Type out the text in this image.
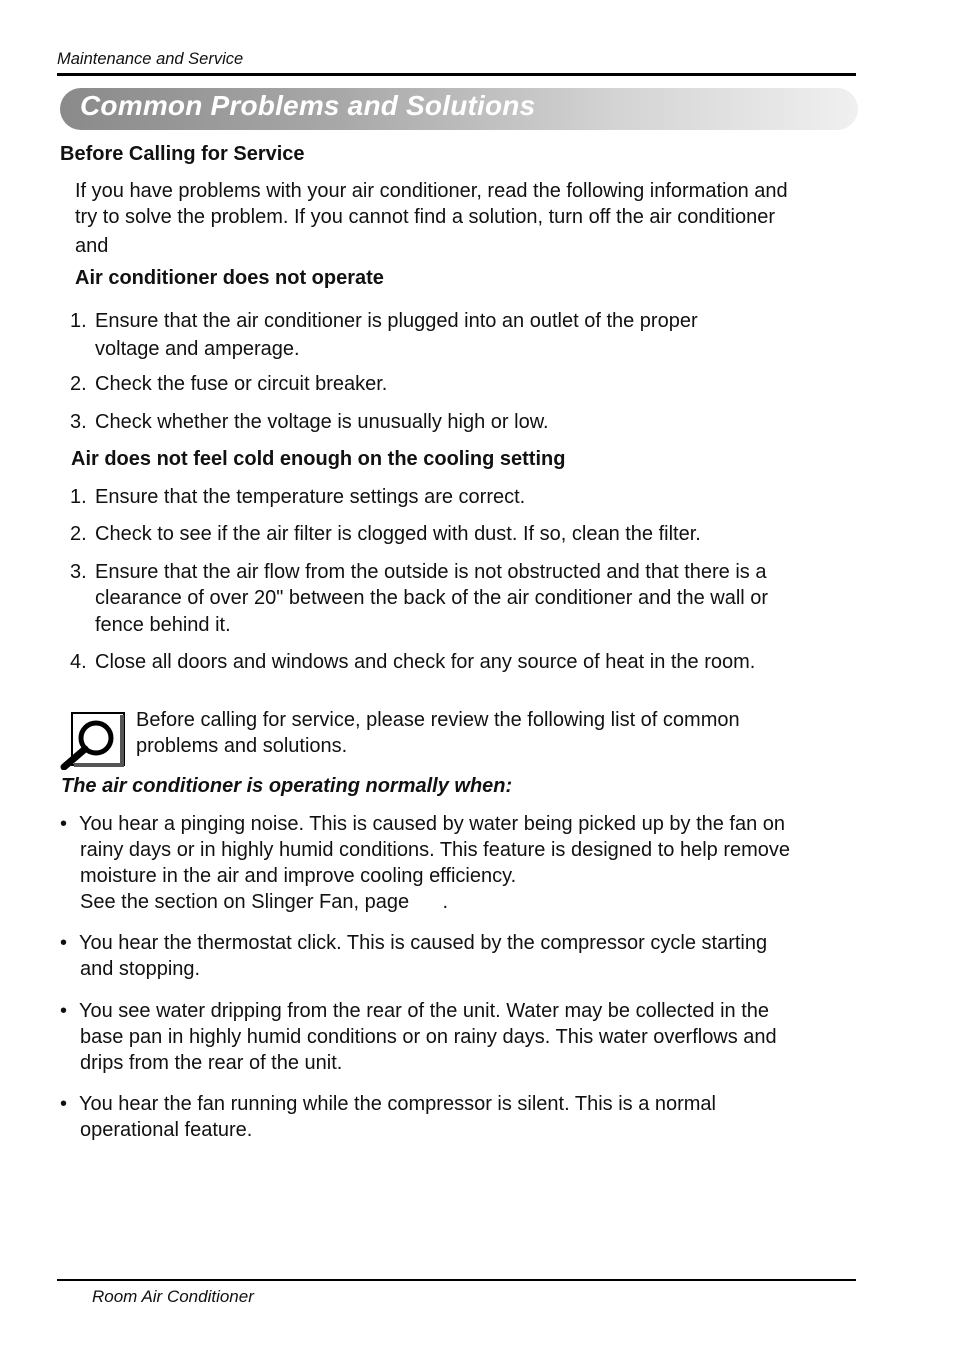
Maintenance and Service
Common Problems and Solutions
Before Calling for Service
If you have problems with your air conditioner, read the following information and
try to solve the problem. If you cannot find a solution, turn off the air conditioner
and
Air conditioner does not operate
1. Ensure that the air conditioner is plugged into an outlet of the proper
voltage and amperage.
2. Check the fuse or circuit breaker.
3. Check whether the voltage is unusually high or low.
Air does not feel cold enough on the cooling setting
1. Ensure that the temperature settings are correct.
2. Check to see if the air filter is clogged with dust. If so, clean the filter.
3. Ensure that the air flow from the outside is not obstructed and that there is a
clearance of over 20" between the back of the air conditioner and the wall or
fence behind it.
4. Close all doors and windows and check for any source of heat in the room.
Before calling for service, please review the following list of common
problems and solutions.
The air conditioner is operating normally when:
• You hear a pinging noise. This is caused by water being picked up by the fan on
rainy days or in highly humid conditions. This feature is designed to help remove
moisture in the air and improve cooling efficiency.
See the section on Slinger Fan, page      .
• You hear the thermostat click. This is caused by the compressor cycle starting
and stopping.
• You see water dripping from the rear of the unit. Water may be collected in the
base pan in highly humid conditions or on rainy days. This water overflows and
drips from the rear of the unit.
• You hear the fan running while the compressor is silent. This is a normal
operational feature.
Room Air Conditioner
